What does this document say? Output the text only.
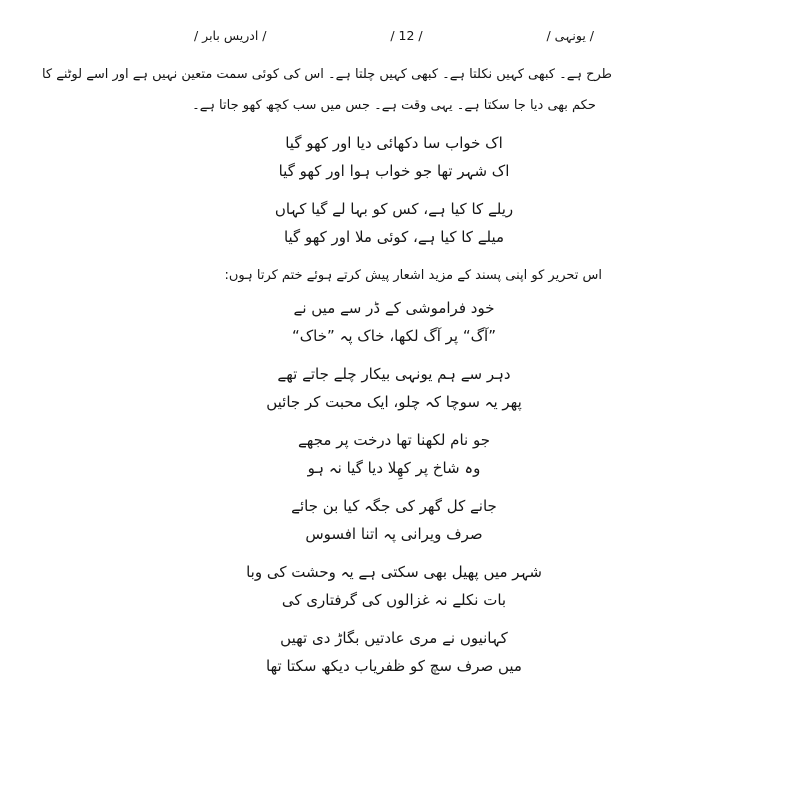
/ یونہی /
/ 12 /
/ ادریس بابر /
طرح ہے۔ کبھی کہیں نکلتا ہے۔ کبھی کہیں چلتا ہے۔ اس کی کوئی سمت متعین نہیں ہے اور اسے لوٹنے کا
حکم بھی دیا جا سکتا ہے۔ یہی وقت ہے۔ جس میں سب کچھ کھو جاتا ہے۔

اک خواب سا دکھائی دیا اور کھو گیا
اک شہر تھا جو خواب ہوا اور کھو گیا

ریلے کا کیا ہے، کس کو بہا لے گیا کہاں
میلے کا کیا ہے، کوئی ملا اور کھو گیا

اس تحریر کو اپنی پسند کے مزید اشعار پیش کرتے ہوئے ختم کرتا ہوں:

خود فراموشی کے ڈر سے میں نے
”آگ“ پر آگ لکھا، خاک پہ ”خاک“

دہر سے ہم یونہی بیکار چلے جاتے تھے
پھر یہ سوچا کہ چلو، ایک محبت کر جائیں

جو نام لکھنا تھا درخت پر مجھے
وہ شاخ پر کھِلا دیا گیا نہ ہو

جانے کل گھر کی جگہ کیا بن جائے
صرف ویرانی پہ اتنا افسوس

شہر میں پھیل بھی سکتی ہے یہ وحشت کی وبا
بات نکلے نہ غزالوں کی گرفتاری کی

کہانیوں نے مری عادتیں بگاڑ دی تھیں
میں صرف سچ کو ظفریاب دیکھ سکتا تھا
